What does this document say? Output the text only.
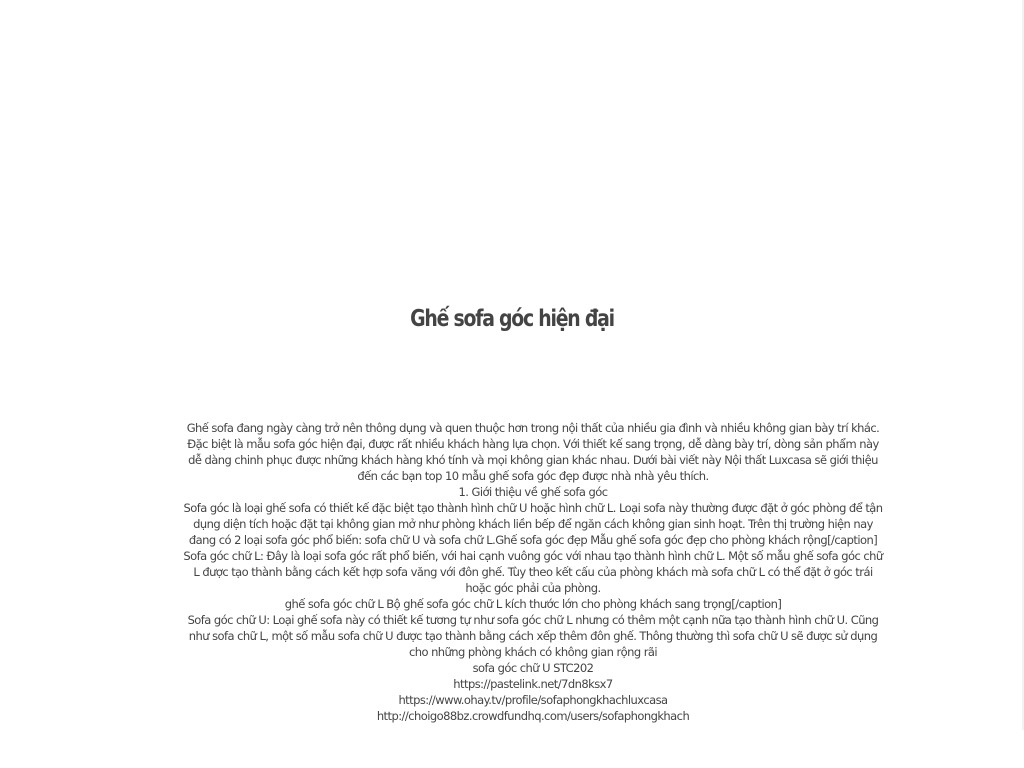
Ghế sofa góc hiện đại

Ghế sofa đang ngày càng trở nên thông dụng và quen thuộc hơn trong nội thất của nhiều gia đình và nhiều không gian bày trí khác. Đặc biệt là mẫu sofa góc hiện đại, được rất nhiều khách hàng lựa chọn. Với thiết kế sang trọng, dễ dàng bày trí, dòng sản phẩm này dễ dàng chinh phục được những khách hàng khó tính và mọi không gian khác nhau. Dưới bài viết này Nội thất Luxcasa sẽ giới thiệu đến các bạn top 10 mẫu ghế sofa góc đẹp được nhà nhà yêu thích.

1. Giới thiệu về ghế sofa góc

Sofa góc là loại ghế sofa có thiết kế đặc biệt tạo thành hình chữ U hoặc hình chữ L. Loại sofa này thường được đặt ở góc phòng để tận dụng diện tích hoặc đặt tại không gian mở như phòng khách liền bếp để ngăn cách không gian sinh hoạt. Trên thị trường hiện nay đang có 2 loại sofa góc phổ biến: sofa chữ U và sofa chữ L.Ghế sofa góc đẹp Mẫu ghế sofa góc đẹp cho phòng khách rộng[/caption]

Sofa góc chữ L: Đây là loại sofa góc rất phổ biến, với hai cạnh vuông góc với nhau tạo thành hình chữ L. Một số mẫu ghế sofa góc chữ L được tạo thành bằng cách kết hợp sofa văng với đôn ghế. Tùy theo kết cấu của phòng khách mà sofa chữ L có thể đặt ở góc trái hoặc góc phải của phòng.

ghế sofa góc chữ L Bộ ghế sofa góc chữ L kích thước lớn cho phòng khách sang trọng[/caption]

Sofa góc chữ U: Loại ghế sofa này có thiết kế tương tự như sofa góc chữ L nhưng có thêm một cạnh nữa tạo thành hình chữ U. Cũng như sofa chữ L, một số mẫu sofa chữ U được tạo thành bằng cách xếp thêm đôn ghế. Thông thường thì sofa chữ U sẽ được sử dụng cho những phòng khách có không gian rộng rãi

sofa góc chữ U STC202

https://pastelink.net/7dn8ksx7

https://www.ohay.tv/profile/sofaphongkhachluxcasa

http://choigo88bz.crowdfundhq.com/users/sofaphongkhach
